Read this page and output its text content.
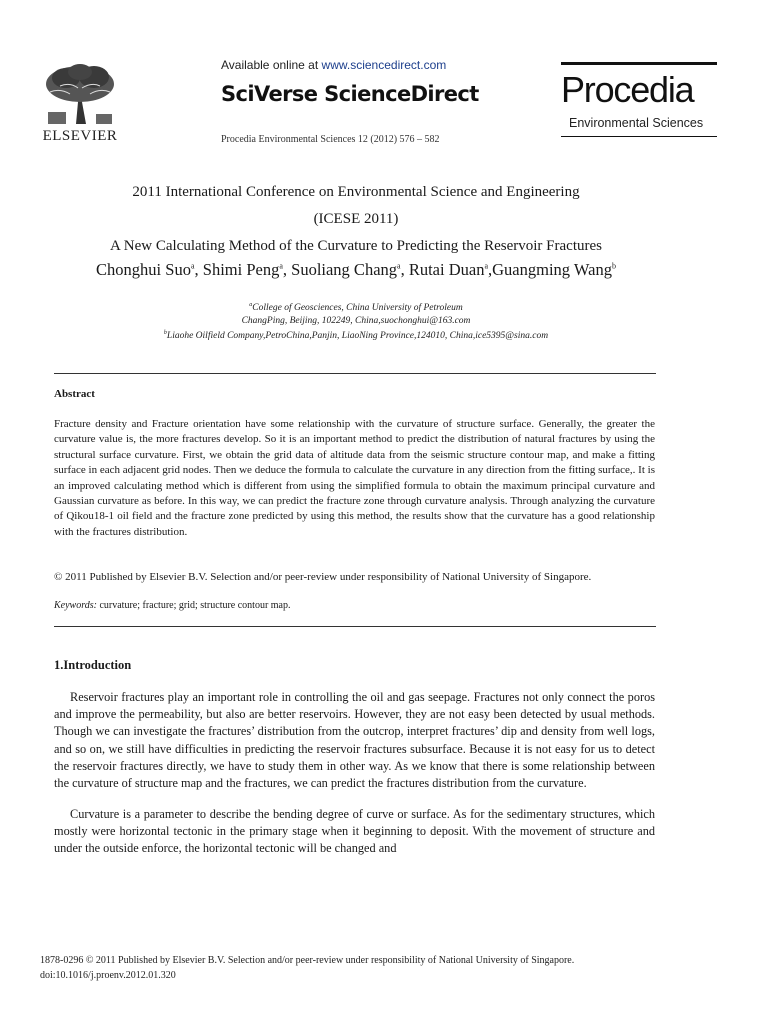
ELSEVIER
Available online at www.sciencedirect.com
SciVerse ScienceDirect
Procedia Environmental Sciences 12 (2012) 576 – 582
Procedia
Environmental Sciences
2011 International Conference on Environmental Science and Engineering
(ICESE 2011)
A New Calculating Method of the Curvature to Predicting the Reservoir Fractures
Chonghui Suo$^a$, Shimi Peng$^a$, Suoliang Chang$^a$, Rutai Duan$^a$,Guangming Wang$^b$
$^a$College of Geosciences, China University of Petroleum
ChangPing, Beijing, 102249, China,suochonghui@163.com
$^b$Liaohe Oilfield Company,PetroChina,Panjin, LiaoNing Province,124010, China,ice5395@sina.com
Abstract
Fracture density and Fracture orientation have some relationship with the curvature of structure surface. Generally, the greater the curvature value is, the more fractures develop. So it is an important method to predict the distribution of natural fractures by using the structural surface curvature. First, we obtain the grid data of altitude data from the seismic structure contour map, and make a fitting surface in each adjacent grid nodes. Then we deduce the formula to calculate the curvature in any direction from the fitting surface,. It is an improved calculating method which is different from using the simplified formula to obtain the maximum principal curvature and Gaussian curvature as before. In this way, we can predict the fracture zone through curvature analysis. Through analyzing the curvature of Qikou18-1 oil field and the fracture zone predicted by using this method, the results show that the curvature has a good relationship with the fractures distribution.
© 2011 Published by Elsevier B.V. Selection and/or peer-review under responsibility of National University of Singapore.
Keywords: curvature; fracture; grid; structure contour map.
1.Introduction
Reservoir fractures play an important role in controlling the oil and gas seepage. Fractures not only connect the poros and improve the permeability, but also are better reservoirs. However, they are not easy been detected by usual methods. Though we can investigate the fractures’ distribution from the outcrop, interpret fractures’ dip and density from well logs, and so on, we still have difficulties in predicting the reservoir fractures subsurface. Because it is not easy for us to detect the reservoir fractures directly, we have to study them in other way. As we know that there is some relationship between the curvature of structure map and the fractures, we can predict the fractures distribution from the curvature.
Curvature is a parameter to describe the bending degree of curve or surface. As for the sedimentary structures, which mostly were horizontal tectonic in the primary stage when it beginning to deposit. With the movement of structure and under the outside enforce, the horizontal tectonic will be changed and
1878-0296 © 2011 Published by Elsevier B.V. Selection and/or peer-review under responsibility of National University of Singapore.
doi:10.1016/j.proenv.2012.01.320
